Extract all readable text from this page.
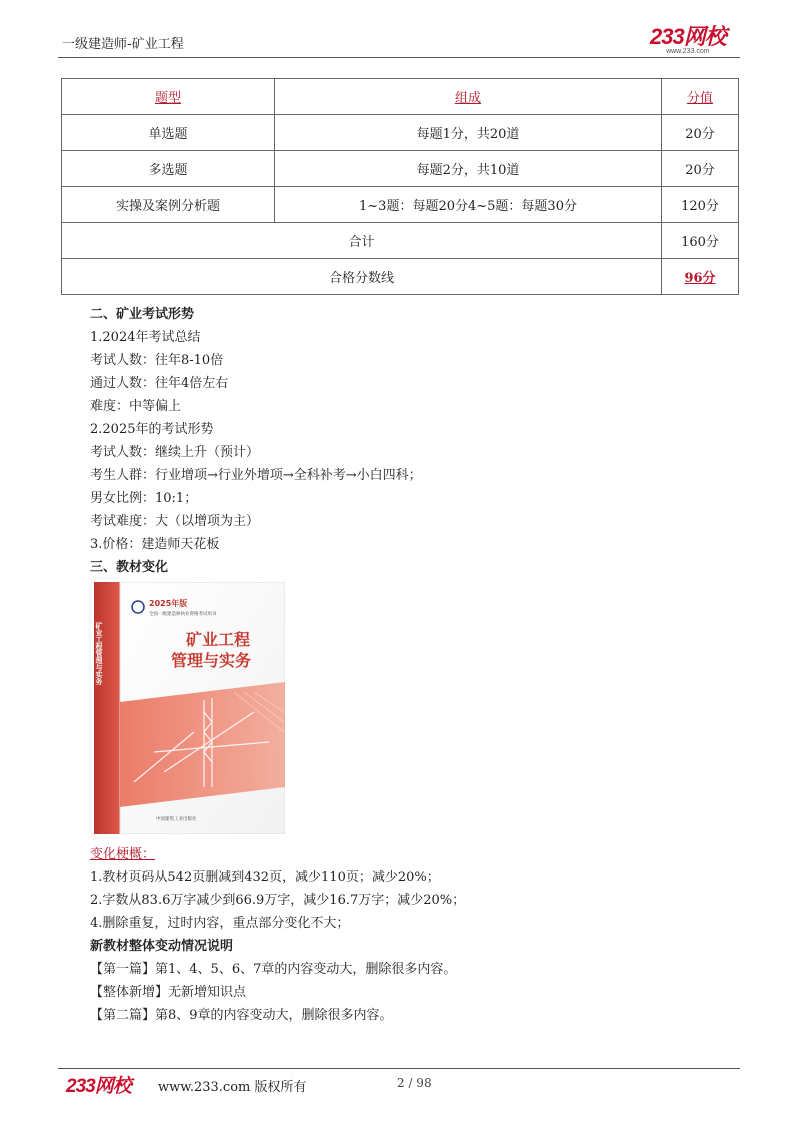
一级建造师-矿业工程	233网校
www.233.com
题型	组成	分值
单选题	每题1分，共20道	20分
多选题	每题2分，共10道	20分
实操及案例分析题	1~3题：每题20分4~5题：每题30分	120分
合计		160分
合格分数线		96分
二、矿业考试形势
1.2024年考试总结
考试人数：往年8-10倍
通过人数：往年4倍左右
难度：中等偏上
2.2025年的考试形势
考试人数：继续上升（预计）
考生人群：行业增项→行业外增项→全科补考→小白四科；
男女比例：10:1；
考试难度：大（以增项为主）
3.价格：建造师天花板
三、教材变化
矿业工程管理与实务
2025年版
全国一级建造师执业资格考试用书
矿业工程
管理与实务
中国建筑工业出版社
变化梗概：
1.教材页码从542页删减到432页，减少110页；减少20%；
2.字数从83.6万字减少到66.9万字，减少16.7万字；减少20%；
4.删除重复，过时内容，重点部分变化不大；
新教材整体变动情况说明
【第一篇】第1、4、5、6、7章的内容变动大，删除很多内容。
【整体新增】无新增知识点
【第二篇】第8、9章的内容变动大，删除很多内容。
233网校 www.233.com 版权所有	2 / 98
